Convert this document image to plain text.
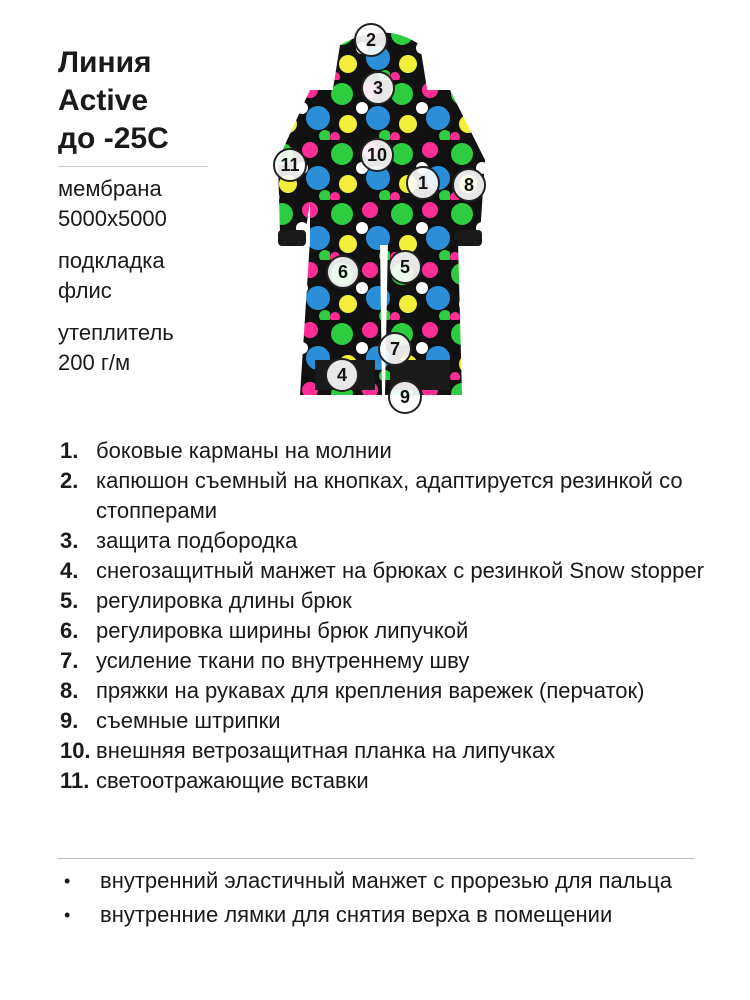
Линия
Active
до -25С
мембрана
5000х5000
подкладка
флис
утеплитель
200 г/м
2
3
11	10
1	8
6	5
7
4
9
1. боковые карманы на молнии
2. капюшон съемный на кнопках, адаптируется резинкой со стопперами
3. защита подбородка
4. снегозащитный манжет на брюках с резинкой Snow stopper
5. регулировка длины брюк
6. регулировка ширины брюк липучкой
7. усиление ткани по внутреннему шву
8. пряжки на рукавах для крепления варежек (перчаток)
9. съемные штрипки
10. внешняя ветрозащитная планка на липучках
11. светоотражающие вставки
•	внутренний эластичный манжет с прорезью для пальца
•	внутренние лямки для снятия верха в помещении
